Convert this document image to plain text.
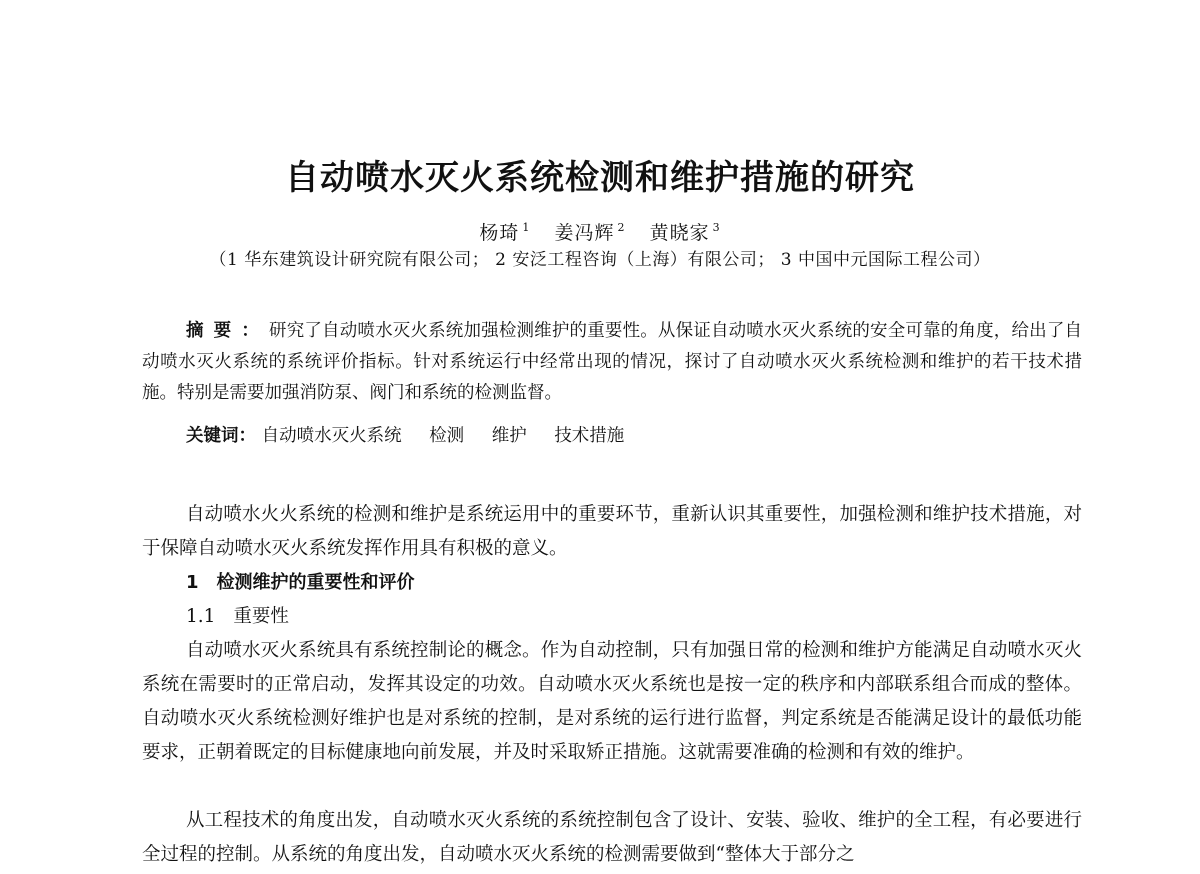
自动喷水灭火系统检测和维护措施的研究
杨琦 $^1$ 姜冯辉 $^2$ 黄晓家 $^3$
（1 华东建筑设计研究院有限公司； 2 安泛工程咨询（上海）有限公司； 3 中国中元国际工程公司）
摘要：研究了自动喷水灭火系统加强检测维护的重要性。从保证自动喷水灭火系统的安全可靠的角度，给出了自动喷水灭火系统的系统评价指标。针对系统运行中经常出现的情况，探讨了自动喷水灭火系统检测和维护的若干技术措施。特别是需要加强消防泵、阀门和系统的检测监督。
关键词： 自动喷水灭火系统 检测 维护 技术措施

自动喷水火火系统的检测和维护是系统运用中的重要环节，重新认识其重要性，加强检测和维护技术措施，对于保障自动喷水灭火系统发挥作用具有积极的意义。

1 检测维护的重要性和评价
1.1 重要性

自动喷水灭火系统具有系统控制论的概念。作为自动控制，只有加强日常的检测和维护方能满足自动喷水灭火系统在需要时的正常启动，发挥其设定的功效。自动喷水灭火系统也是按一定的秩序和内部联系组合而成的整体。自动喷水灭火系统检测好维护也是对系统的控制，是对系统的运行进行监督，判定系统是否能满足设计的最低功能要求，正朝着既定的目标健康地向前发展，并及时采取矫正措施。这就需要准确的检测和有效的维护。

从工程技术的角度出发，自动喷水灭火系统的系统控制包含了设计、安装、验收、维护的全工程，有必要进行全过程的控制。从系统的角度出发，自动喷水灭火系统的检测需要做到“整体大于部分之
